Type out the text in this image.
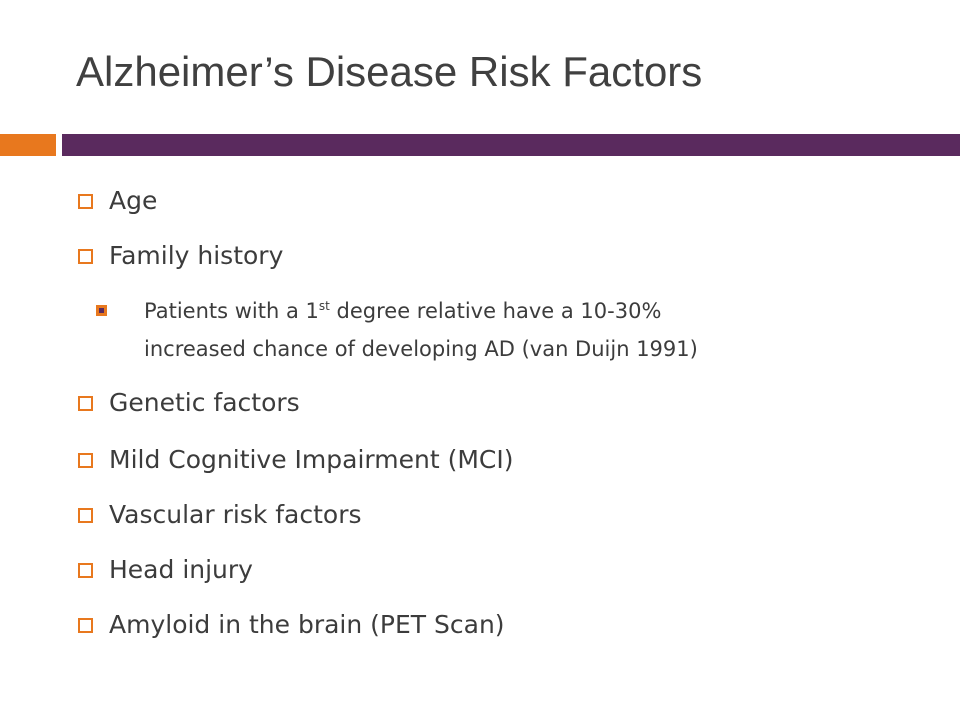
Alzheimer’s Disease Risk Factors
Age
Family history
Patients with a 1st degree relative have a 10-30%
increased chance of developing AD (van Duijn 1991)
Genetic factors
Mild Cognitive Impairment (MCI)
Vascular risk factors
Head injury
Amyloid in the brain (PET Scan)
